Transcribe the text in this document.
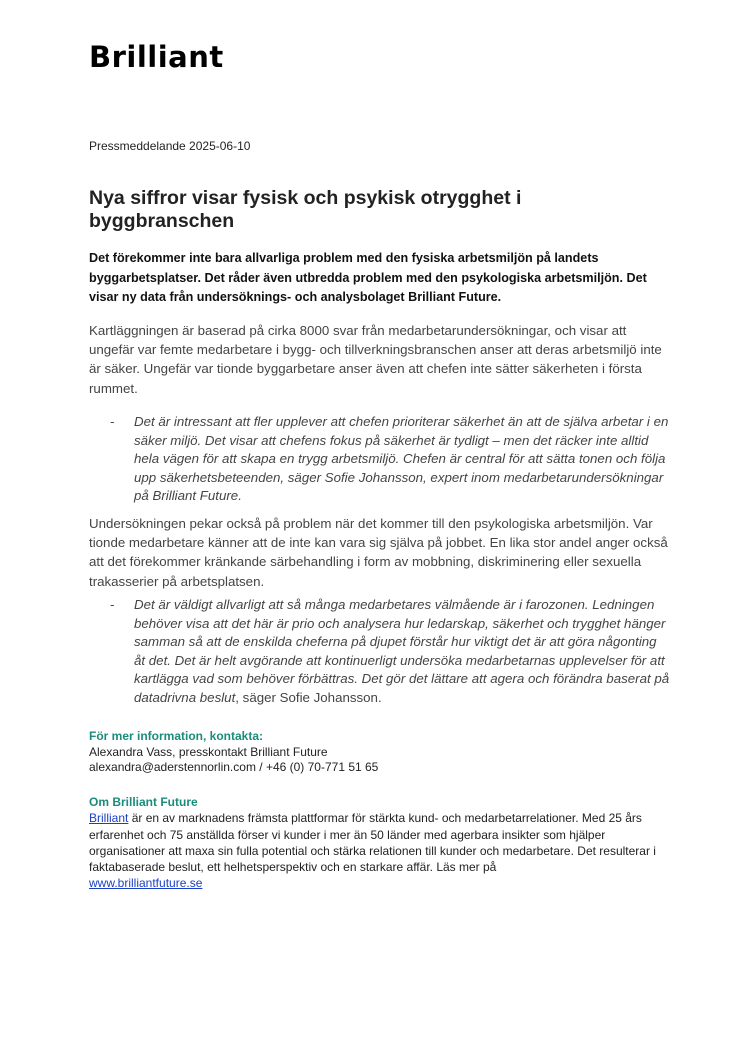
Brilliant
Pressmeddelande 2025-06-10
Nya siffror visar fysisk och psykisk otrygghet i byggbranschen

Det förekommer inte bara allvarliga problem med den fysiska arbetsmiljön på landets byggarbetsplatser. Det råder även utbredda problem med den psykologiska arbetsmiljön. Det visar ny data från undersöknings- och analysbolaget Brilliant Future.

Kartläggningen är baserad på cirka 8000 svar från medarbetarundersökningar, och visar att ungefär var femte medarbetare i bygg- och tillverkningsbranschen anser att deras arbetsmiljö inte är säker. Ungefär var tionde byggarbetare anser även att chefen inte sätter säkerheten i första rummet.

- Det är intressant att fler upplever att chefen prioriterar säkerhet än att de själva arbetar i en säker miljö. Det visar att chefens fokus på säkerhet är tydligt – men det räcker inte alltid hela vägen för att skapa en trygg arbetsmiljö. Chefen är central för att sätta tonen och följa upp säkerhetsbeteenden, säger Sofie Johansson, expert inom medarbetarundersökningar på Brilliant Future.

Undersökningen pekar också på problem när det kommer till den psykologiska arbetsmiljön. Var tionde medarbetare känner att de inte kan vara sig själva på jobbet. En lika stor andel anger också att det förekommer kränkande särbehandling i form av mobbning, diskriminering eller sexuella trakasserier på arbetsplatsen.

- Det är väldigt allvarligt att så många medarbetares välmående är i farozonen. Ledningen behöver visa att det här är prio och analysera hur ledarskap, säkerhet och trygghet hänger samman så att de enskilda cheferna på djupet förstår hur viktigt det är att göra någonting åt det. Det är helt avgörande att kontinuerligt undersöka medarbetarnas upplevelser för att kartlägga vad som behöver förbättras. Det gör det lättare att agera och förändra baserat på datadrivna beslut, säger Sofie Johansson.
För mer information, kontakta:
Alexandra Vass, presskontakt Brilliant Future
alexandra@aderstennorlin.com / +46 (0) 70-771 51 65
Om Brilliant Future
Brilliant är en av marknadens främsta plattformar för stärkta kund- och medarbetarrelationer. Med 25 års erfarenhet och 75 anställda förser vi kunder i mer än 50 länder med agerbara insikter som hjälper organisationer att maxa sin fulla potential och stärka relationen till kunder och medarbetare. Det resulterar i faktabaserade beslut, ett helhetsperspektiv och en starkare affär. Läs mer på
www.brilliantfuture.se
